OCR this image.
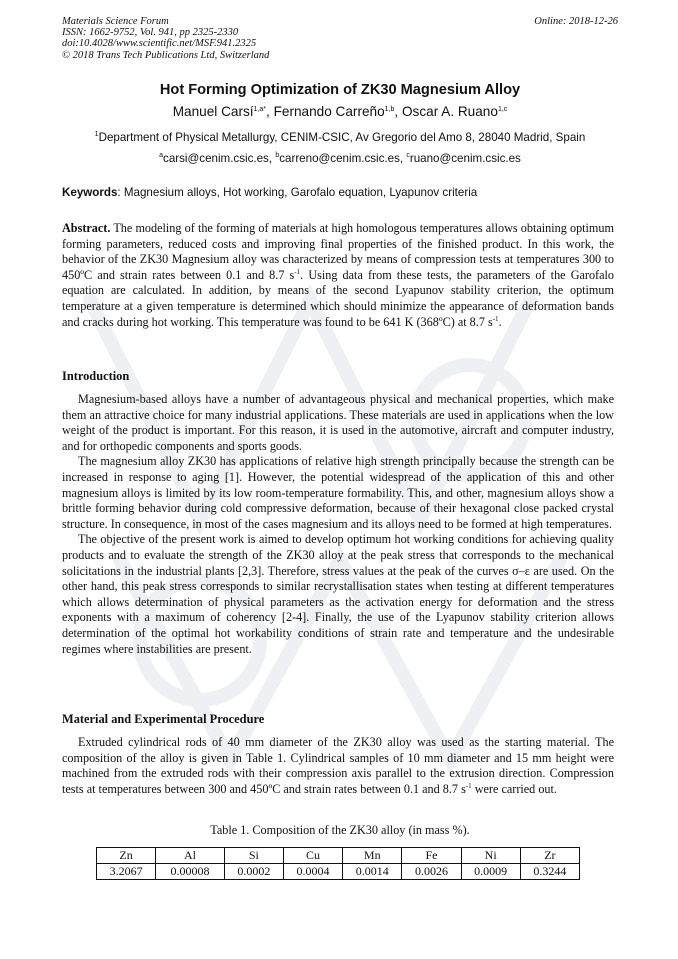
Materials Science Forum
ISSN: 1662-9752, Vol. 941, pp 2325-2330
doi:10.4028/www.scientific.net/MSF.941.2325
© 2018 Trans Tech Publications Ltd, Switzerland
Online: 2018-12-26
Hot Forming Optimization of ZK30 Magnesium Alloy
Manuel Carsí$^{1,a*}$, Fernando Carreño$^{1,b}$, Oscar A. Ruano$^{1,c}$
$^1$Department of Physical Metallurgy, CENIM-CSIC, Av Gregorio del Amo 8, 28040 Madrid, Spain
$^a$carsi@cenim.csic.es, $^b$carreno@cenim.csic.es, $^c$ruano@cenim.csic.es
Keywords: Magnesium alloys, Hot working, Garofalo equation, Lyapunov criteria

Abstract. The modeling of the forming of materials at high homologous temperatures allows obtaining optimum forming parameters, reduced costs and improving final properties of the finished product. In this work, the behavior of the ZK30 Magnesium alloy was characterized by means of compression tests at temperatures 300 to 450ºC and strain rates between 0.1 and 8.7 $s^{-1}$. Using data from these tests, the parameters of the Garofalo equation are calculated. In addition, by means of the second Lyapunov stability criterion, the optimum temperature at a given temperature is determined which should minimize the appearance of deformation bands and cracks during hot working. This temperature was found to be 641 K (368ºC) at 8.7 $s^{-1}$.

Introduction

Magnesium-based alloys have a number of advantageous physical and mechanical properties, which make them an attractive choice for many industrial applications. These materials are used in applications when the low weight of the product is important. For this reason, it is used in the automotive, aircraft and computer industry, and for orthopedic components and sports goods.

The magnesium alloy ZK30 has applications of relative high strength principally because the strength can be increased in response to aging [1]. However, the potential widespread of the application of this and other magnesium alloys is limited by its low room-temperature formability. This, and other, magnesium alloys show a brittle forming behavior during cold compressive deformation, because of their hexagonal close packed crystal structure. In consequence, in most of the cases magnesium and its alloys need to be formed at high temperatures.

The objective of the present work is aimed to develop optimum hot working conditions for achieving quality products and to evaluate the strength of the ZK30 alloy at the peak stress that corresponds to the mechanical solicitations in the industrial plants [2,3]. Therefore, stress values at the peak of the curves σ–ε are used. On the other hand, this peak stress corresponds to similar recrystallisation states when testing at different temperatures which allows determination of physical parameters as the activation energy for deformation and the stress exponents with a maximum of coherency [2-4]. Finally, the use of the Lyapunov stability criterion allows determination of the optimal hot workability conditions of strain rate and temperature and the undesirable regimes where instabilities are present.

Material and Experimental Procedure

Extruded cylindrical rods of 40 mm diameter of the ZK30 alloy was used as the starting material. The composition of the alloy is given in Table 1. Cylindrical samples of 10 mm diameter and 15 mm height were machined from the extruded rods with their compression axis parallel to the extrusion direction. Compression tests at temperatures between 300 and 450ºC and strain rates between 0.1 and 8.7 $s^{-1}$ were carried out.

Table 1. Composition of the ZK30 alloy (in mass %).
Zn	Al	Si	Cu	Mn	Fe	Ni	Zr
3.2067	0.00008	0.0002	0.0004	0.0014	0.0026	0.0009	0.3244
